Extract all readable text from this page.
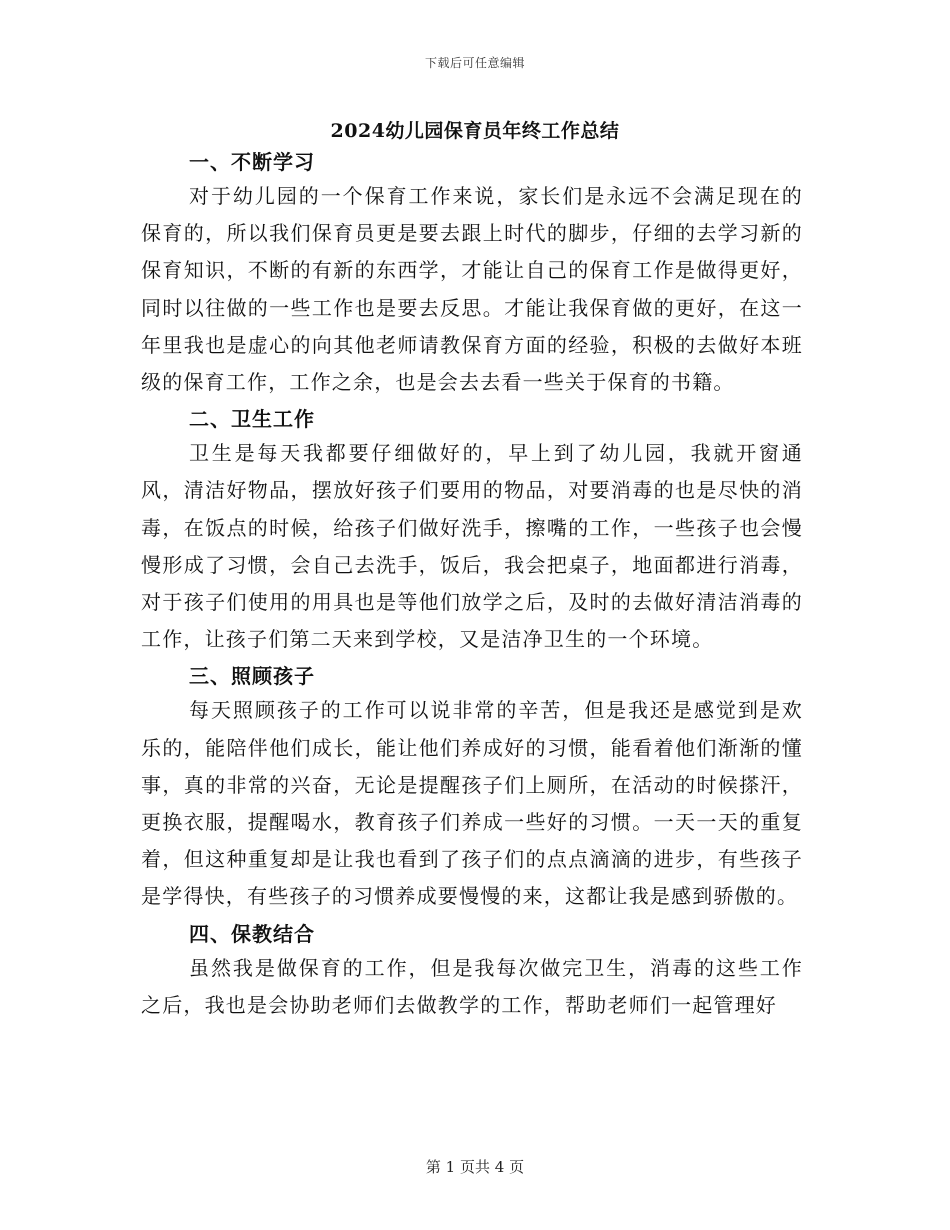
下载后可任意编辑
2024幼儿园保育员年终工作总结
一、不断学习

对于幼儿园的一个保育工作来说，家长们是永远不会满足现在的保育的，所以我们保育员更是要去跟上时代的脚步，仔细的去学习新的保育知识，不断的有新的东西学，才能让自己的保育工作是做得更好，同时以往做的一些工作也是要去反思。才能让我保育做的更好，在这一年里我也是虚心的向其他老师请教保育方面的经验，积极的去做好本班级的保育工作，工作之余，也是会去去看一些关于保育的书籍。

二、卫生工作

卫生是每天我都要仔细做好的，早上到了幼儿园，我就开窗通风，清洁好物品，摆放好孩子们要用的物品，对要消毒的也是尽快的消毒，在饭点的时候，给孩子们做好洗手，擦嘴的工作，一些孩子也会慢慢形成了习惯，会自己去洗手，饭后，我会把桌子，地面都进行消毒，对于孩子们使用的用具也是等他们放学之后，及时的去做好清洁消毒的工作，让孩子们第二天来到学校，又是洁净卫生的一个环境。

三、照顾孩子

每天照顾孩子的工作可以说非常的辛苦，但是我还是感觉到是欢乐的，能陪伴他们成长，能让他们养成好的习惯，能看着他们渐渐的懂事，真的非常的兴奋，无论是提醒孩子们上厕所，在活动的时候搽汗，更换衣服，提醒喝水，教育孩子们养成一些好的习惯。一天一天的重复着，但这种重复却是让我也看到了孩子们的点点滴滴的进步，有些孩子是学得快，有些孩子的习惯养成要慢慢的来，这都让我是感到骄傲的。

四、保教结合

虽然我是做保育的工作，但是我每次做完卫生，消毒的这些工作之后，我也是会协助老师们去做教学的工作，帮助老师们一起管理好

第 1 页共 4 页
